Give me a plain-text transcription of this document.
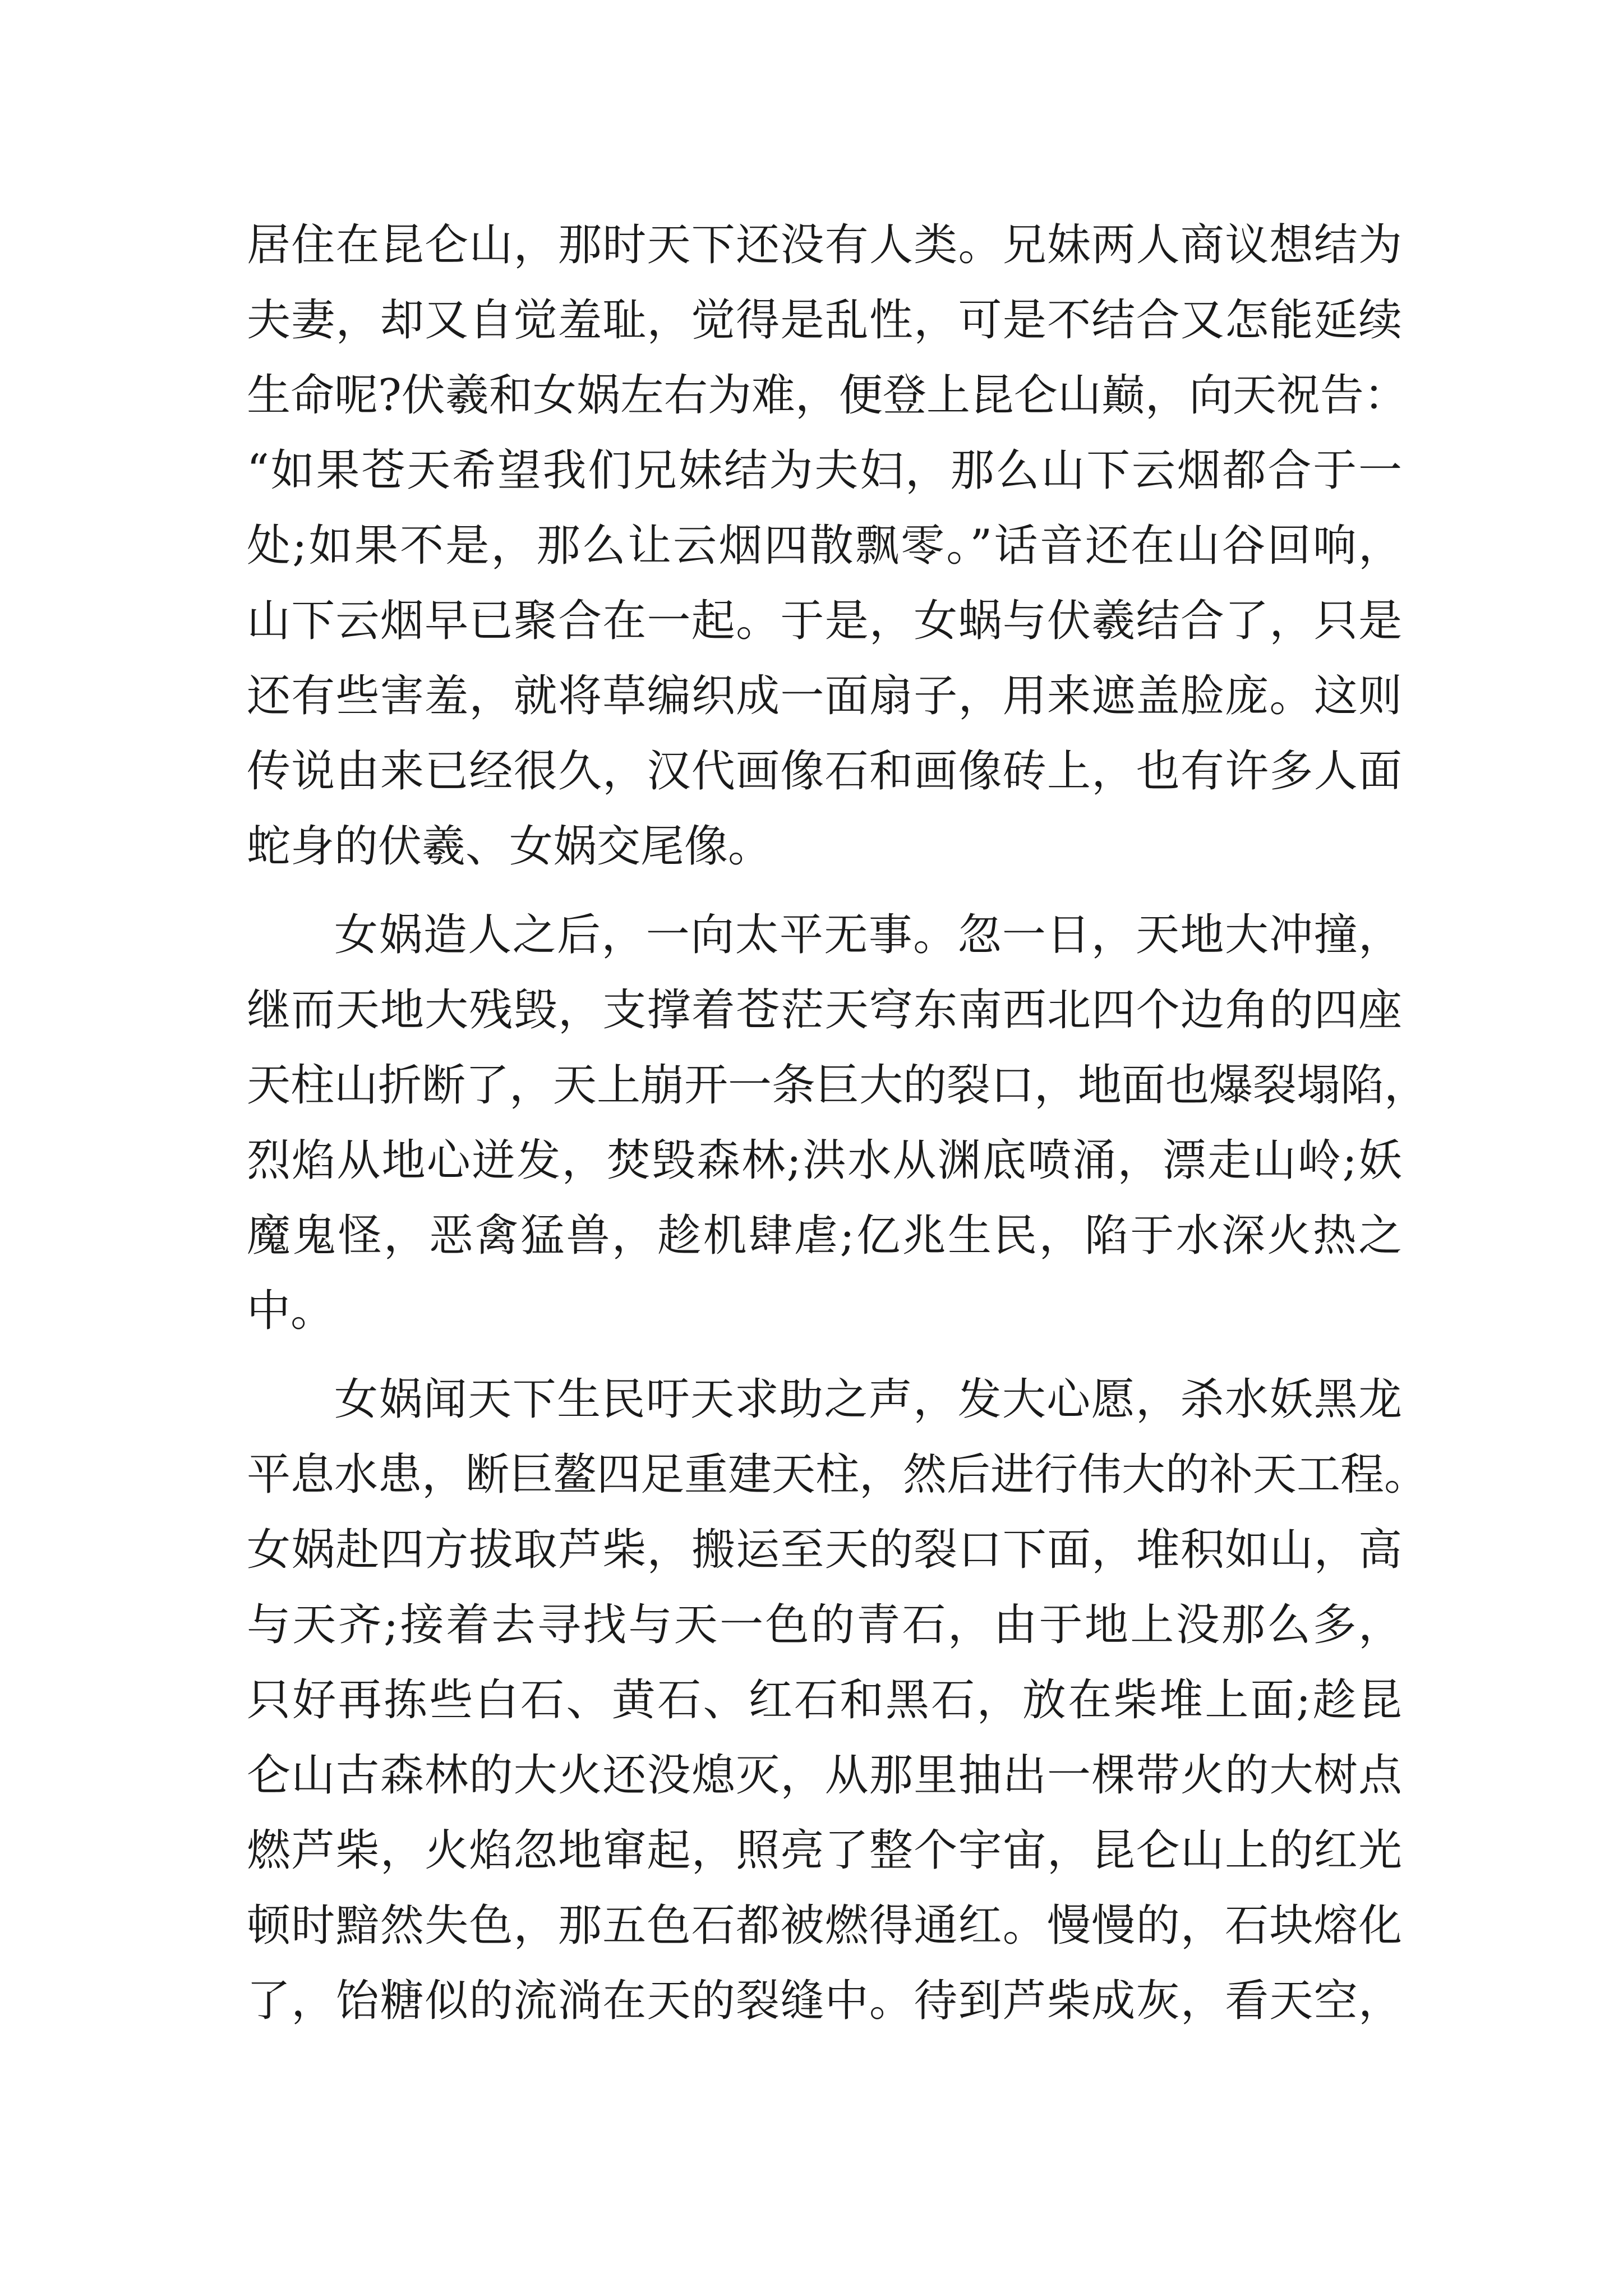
居住在昆仑山，那时天下还没有人类。兄妹两人商议想结为
夫妻，却又自觉羞耻，觉得是乱性，可是不结合又怎能延续
生命呢?伏羲和女娲左右为难，便登上昆仑山巅，向天祝告：
“如果苍天希望我们兄妹结为夫妇，那么山下云烟都合于一
处;如果不是，那么让云烟四散飘零。”话音还在山谷回响，
山下云烟早已聚合在一起。于是，女蜗与伏羲结合了，只是
还有些害羞，就将草编织成一面扇子，用来遮盖脸庞。这则
传说由来已经很久，汉代画像石和画像砖上，也有许多人面
蛇身的伏羲、女娲交尾像。
女娲造人之后，一向太平无事。忽一日，天地大冲撞，
继而天地大残毁，支撑着苍茫天穹东南西北四个边角的四座
天柱山折断了，天上崩开一条巨大的裂口，地面也爆裂塌陷，
烈焰从地心迸发，焚毁森林;洪水从渊底喷涌，漂走山岭;妖
魔鬼怪，恶禽猛兽，趁机肆虐;亿兆生民，陷于水深火热之
中。
女娲闻天下生民吁天求助之声，发大心愿，杀水妖黑龙
平息水患，断巨鳌四足重建天柱，然后进行伟大的补天工程。
女娲赴四方拔取芦柴，搬运至天的裂口下面，堆积如山，高
与天齐;接着去寻找与天一色的青石，由于地上没那么多，
只好再拣些白石、黄石、红石和黑石，放在柴堆上面;趁昆
仑山古森林的大火还没熄灭，从那里抽出一棵带火的大树点
燃芦柴，火焰忽地窜起，照亮了整个宇宙，昆仑山上的红光
顿时黯然失色，那五色石都被燃得通红。慢慢的，石块熔化
了，饴糖似的流淌在天的裂缝中。待到芦柴成灰，看天空，
